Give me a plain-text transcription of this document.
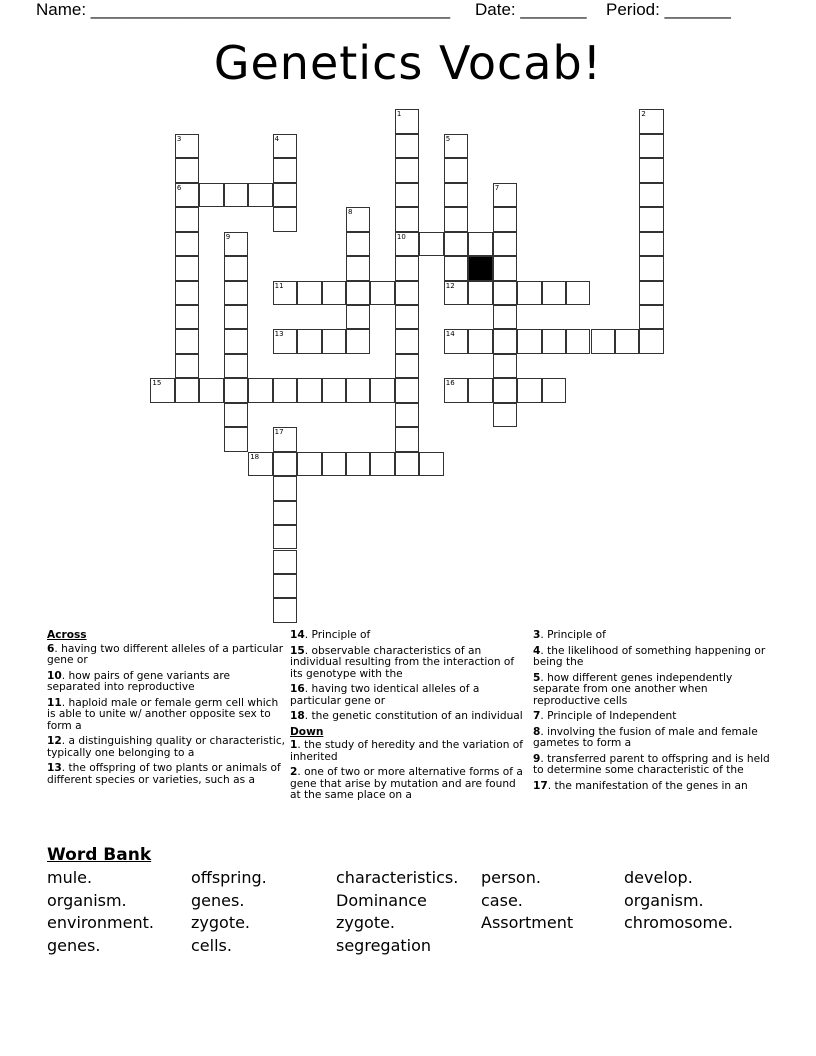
Name: ______________________________________ Date: _______ Period: _______
Genetics Vocab!
1
10
2
3
6
4	5
12
7
8
9
11
13	14
15	16
17
18
Across
6. having two different alleles of a particular gene or
10. how pairs of gene variants are separated into reproductive
11. haploid male or female germ cell which is able to unite w/ another opposite sex to form a
12. a distinguishing quality or characteristic, typically one belonging to a
13. the offspring of two plants or animals of different species or varieties, such as a
14. Principle of
15. observable characteristics of an individual resulting from the interaction of its genotype with the
16. having two identical alleles of a particular gene or
18. the genetic constitution of an individual
Down
1. the study of heredity and the variation of inherited
2. one of two or more alternative forms of a gene that arise by mutation and are found at the same place on a
3. Principle of
4. the likelihood of something happening or being the
5. how different genes independently separate from one another when reproductive cells
7. Principle of Independent
8. involving the fusion of male and female gametes to form a
9. transferred parent to offspring and is held to determine some characteristic of the
17. the manifestation of the genes in an
Word Bank
mule.	offspring.	characteristics. person.	develop.
organism.	genes.	Dominance	case.	organism.
environment. zygote.	zygote.	Assortment	chromosome.
genes.	cells.	segregation
